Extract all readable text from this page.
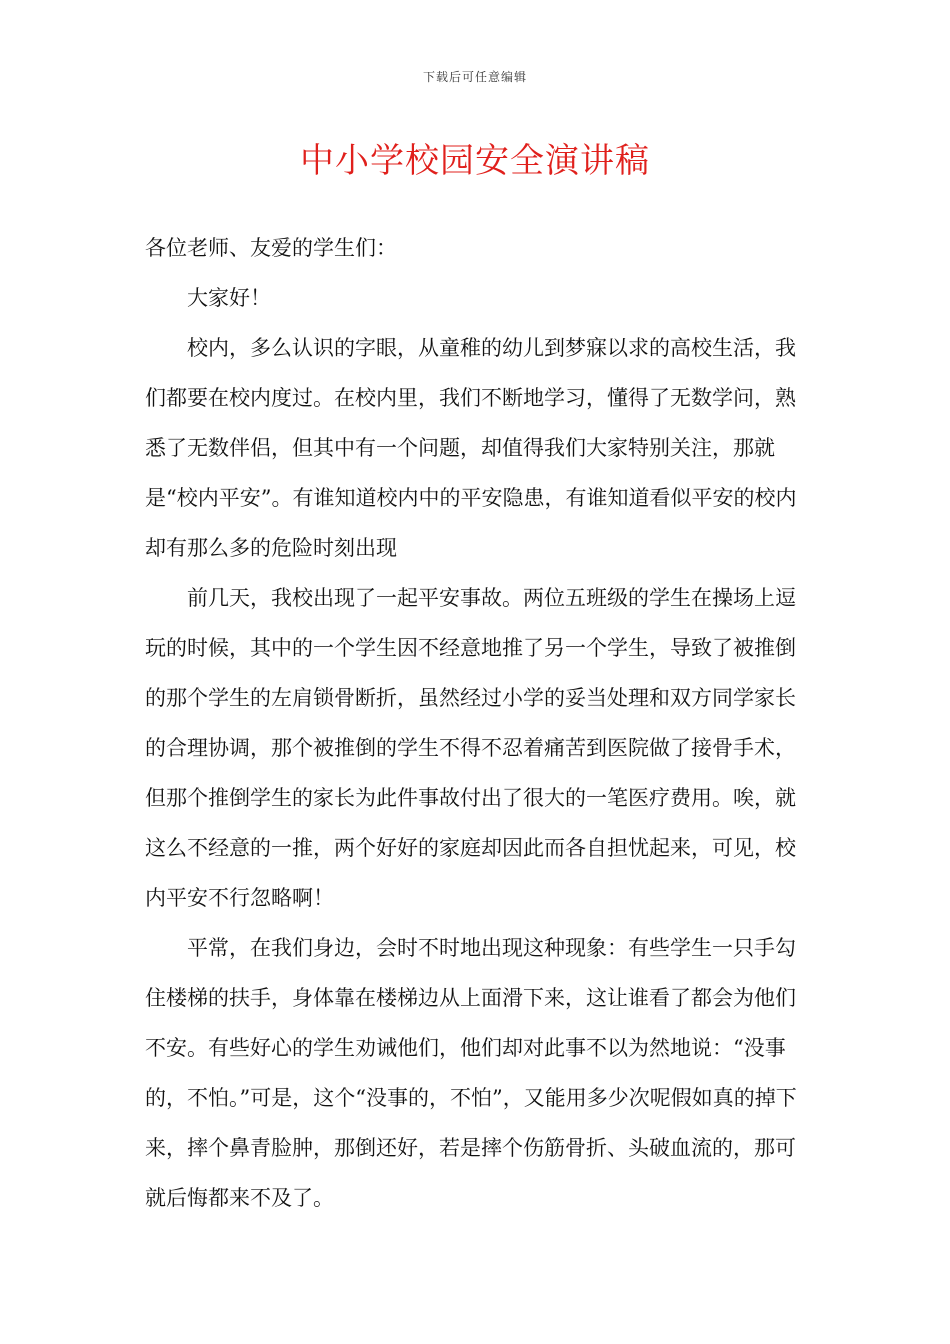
下载后可任意编辑
中小学校园安全演讲稿

各位老师、友爱的学生们：

大家好！

校内，多么认识的字眼，从童稚的幼儿到梦寐以求的高校生活，我们都要在校内度过。在校内里，我们不断地学习，懂得了无数学问，熟悉了无数伴侣，但其中有一个问题，却值得我们大家特别关注，那就是“校内平安”。有谁知道校内中的平安隐患，有谁知道看似平安的校内却有那么多的危险时刻出现

前几天，我校出现了一起平安事故。两位五班级的学生在操场上逗玩的时候，其中的一个学生因不经意地推了另一个学生，导致了被推倒的那个学生的左肩锁骨断折，虽然经过小学的妥当处理和双方同学家长的合理协调，那个被推倒的学生不得不忍着痛苦到医院做了接骨手术，但那个推倒学生的家长为此件事故付出了很大的一笔医疗费用。唉，就这么不经意的一推，两个好好的家庭却因此而各自担忧起来，可见，校内平安不行忽略啊！

平常，在我们身边，会时不时地出现这种现象：有些学生一只手勾住楼梯的扶手，身体靠在楼梯边从上面滑下来，这让谁看了都会为他们不安。有些好心的学生劝诫他们，他们却对此事不以为然地说：“没事的，不怕。”可是，这个“没事的，不怕”，又能用多少次呢假如真的掉下来，摔个鼻青脸肿，那倒还好，若是摔个伤筋骨折、头破血流的，那可就后悔都来不及了。
